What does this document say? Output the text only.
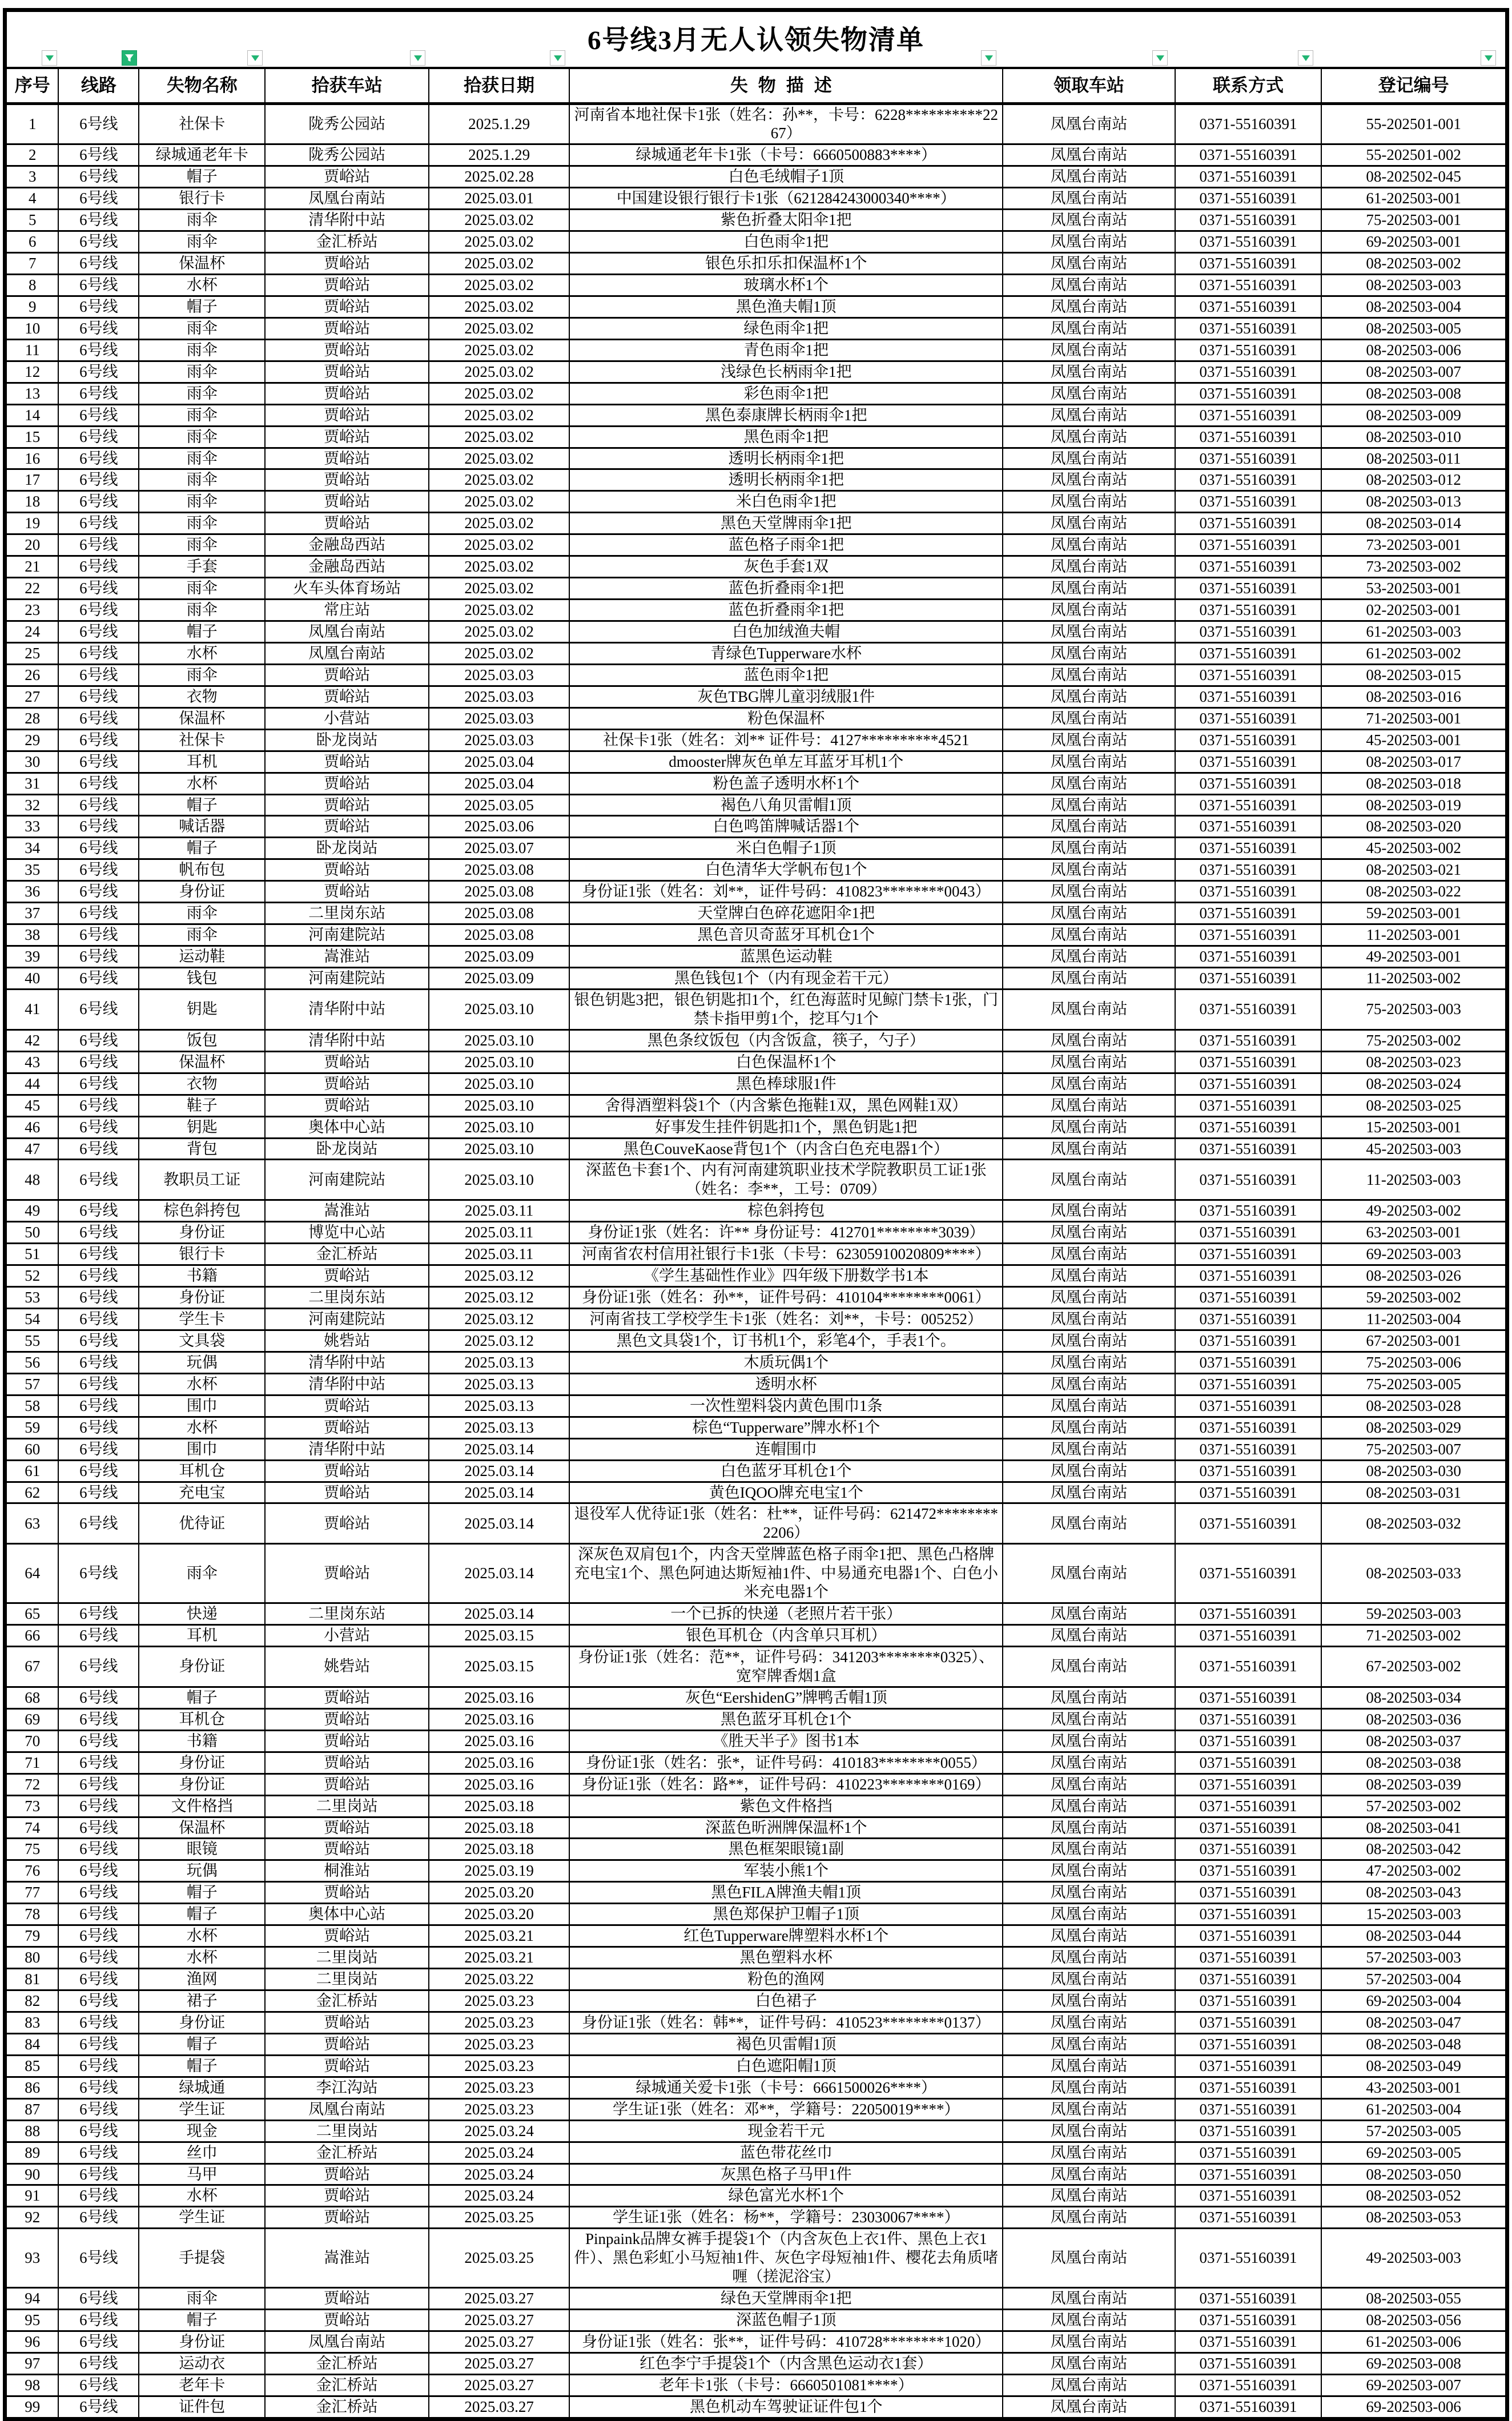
6号线3月无人认领失物清单
序号	线路	失物名称	拾获车站	拾获日期	失物描述	领取车站	联系方式	登记编号
1	6号线	社保卡	陇秀公园站	2025.1.29	河南省本地社保卡1张（姓名：孙**，卡号：6228**********2267）	凤凰台南站	0371-55160391	55-202501-001
2	6号线	绿城通老年卡	陇秀公园站	2025.1.29	绿城通老年卡1张（卡号：6660500883****）	凤凰台南站	0371-55160391	55-202501-002
3	6号线	帽子	贾峪站	2025.02.28	白色毛绒帽子1顶	凤凰台南站	0371-55160391	08-202502-045
4	6号线	银行卡	凤凰台南站	2025.03.01	中国建设银行银行卡1张（621284243000340****）	凤凰台南站	0371-55160391	61-202503-001
5	6号线	雨伞	清华附中站	2025.03.02	紫色折叠太阳伞1把	凤凰台南站	0371-55160391	75-202503-001
6	6号线	雨伞	金汇桥站	2025.03.02	白色雨伞1把	凤凰台南站	0371-55160391	69-202503-001
7	6号线	保温杯	贾峪站	2025.03.02	银色乐扣乐扣保温杯1个	凤凰台南站	0371-55160391	08-202503-002
8	6号线	水杯	贾峪站	2025.03.02	玻璃水杯1个	凤凰台南站	0371-55160391	08-202503-003
9	6号线	帽子	贾峪站	2025.03.02	黑色渔夫帽1顶	凤凰台南站	0371-55160391	08-202503-004
10	6号线	雨伞	贾峪站	2025.03.02	绿色雨伞1把	凤凰台南站	0371-55160391	08-202503-005
11	6号线	雨伞	贾峪站	2025.03.02	青色雨伞1把	凤凰台南站	0371-55160391	08-202503-006
12	6号线	雨伞	贾峪站	2025.03.02	浅绿色长柄雨伞1把	凤凰台南站	0371-55160391	08-202503-007
13	6号线	雨伞	贾峪站	2025.03.02	彩色雨伞1把	凤凰台南站	0371-55160391	08-202503-008
14	6号线	雨伞	贾峪站	2025.03.02	黑色泰康牌长柄雨伞1把	凤凰台南站	0371-55160391	08-202503-009
15	6号线	雨伞	贾峪站	2025.03.02	黑色雨伞1把	凤凰台南站	0371-55160391	08-202503-010
16	6号线	雨伞	贾峪站	2025.03.02	透明长柄雨伞1把	凤凰台南站	0371-55160391	08-202503-011
17	6号线	雨伞	贾峪站	2025.03.02	透明长柄雨伞1把	凤凰台南站	0371-55160391	08-202503-012
18	6号线	雨伞	贾峪站	2025.03.02	米白色雨伞1把	凤凰台南站	0371-55160391	08-202503-013
19	6号线	雨伞	贾峪站	2025.03.02	黑色天堂牌雨伞1把	凤凰台南站	0371-55160391	08-202503-014
20	6号线	雨伞	金融岛西站	2025.03.02	蓝色格子雨伞1把	凤凰台南站	0371-55160391	73-202503-001
21	6号线	手套	金融岛西站	2025.03.02	灰色手套1双	凤凰台南站	0371-55160391	73-202503-002
22	6号线	雨伞	火车头体育场站	2025.03.02	蓝色折叠雨伞1把	凤凰台南站	0371-55160391	53-202503-001
23	6号线	雨伞	常庄站	2025.03.02	蓝色折叠雨伞1把	凤凰台南站	0371-55160391	02-202503-001
24	6号线	帽子	凤凰台南站	2025.03.02	白色加绒渔夫帽	凤凰台南站	0371-55160391	61-202503-003
25	6号线	水杯	凤凰台南站	2025.03.02	青绿色Tupperware水杯	凤凰台南站	0371-55160391	61-202503-002
26	6号线	雨伞	贾峪站	2025.03.03	蓝色雨伞1把	凤凰台南站	0371-55160391	08-202503-015
27	6号线	衣物	贾峪站	2025.03.03	灰色TBG牌儿童羽绒服1件	凤凰台南站	0371-55160391	08-202503-016
28	6号线	保温杯	小营站	2025.03.03	粉色保温杯	凤凰台南站	0371-55160391	71-202503-001
29	6号线	社保卡	卧龙岗站	2025.03.03	社保卡1张（姓名：刘** 证件号：4127**********4521	凤凰台南站	0371-55160391	45-202503-001
30	6号线	耳机	贾峪站	2025.03.04	dmooster牌灰色单左耳蓝牙耳机1个	凤凰台南站	0371-55160391	08-202503-017
31	6号线	水杯	贾峪站	2025.03.04	粉色盖子透明水杯1个	凤凰台南站	0371-55160391	08-202503-018
32	6号线	帽子	贾峪站	2025.03.05	褐色八角贝雷帽1顶	凤凰台南站	0371-55160391	08-202503-019
33	6号线	喊话器	贾峪站	2025.03.06	白色鸣笛牌喊话器1个	凤凰台南站	0371-55160391	08-202503-020
34	6号线	帽子	卧龙岗站	2025.03.07	米白色帽子1顶	凤凰台南站	0371-55160391	45-202503-002
35	6号线	帆布包	贾峪站	2025.03.08	白色清华大学帆布包1个	凤凰台南站	0371-55160391	08-202503-021
36	6号线	身份证	贾峪站	2025.03.08	身份证1张（姓名：刘**，证件号码：410823********0043）	凤凰台南站	0371-55160391	08-202503-022
37	6号线	雨伞	二里岗东站	2025.03.08	天堂牌白色碎花遮阳伞1把	凤凰台南站	0371-55160391	59-202503-001
38	6号线	雨伞	河南建院站	2025.03.08	黑色音贝奇蓝牙耳机仓1个	凤凰台南站	0371-55160391	11-202503-001
39	6号线	运动鞋	嵩淮站	2025.03.09	蓝黑色运动鞋	凤凰台南站	0371-55160391	49-202503-001
40	6号线	钱包	河南建院站	2025.03.09	黑色钱包1个（内有现金若干元）	凤凰台南站	0371-55160391	11-202503-002
41	6号线	钥匙	清华附中站	2025.03.10	银色钥匙3把，银色钥匙扣1个，红色海蓝时见鲸门禁卡1张，门禁卡指甲剪1个，挖耳勺1个	凤凰台南站	0371-55160391	75-202503-003
42	6号线	饭包	清华附中站	2025.03.10	黑色条纹饭包（内含饭盒，筷子，勺子）	凤凰台南站	0371-55160391	75-202503-002
43	6号线	保温杯	贾峪站	2025.03.10	白色保温杯1个	凤凰台南站	0371-55160391	08-202503-023
44	6号线	衣物	贾峪站	2025.03.10	黑色棒球服1件	凤凰台南站	0371-55160391	08-202503-024
45	6号线	鞋子	贾峪站	2025.03.10	舍得酒塑料袋1个（内含紫色拖鞋1双，黑色网鞋1双）	凤凰台南站	0371-55160391	08-202503-025
46	6号线	钥匙	奥体中心站	2025.03.10	好事发生挂件钥匙扣1个，黑色钥匙1把	凤凰台南站	0371-55160391	15-202503-001
47	6号线	背包	卧龙岗站	2025.03.10	黑色CouveKaose背包1个（内含白色充电器1个）	凤凰台南站	0371-55160391	45-202503-003
48	6号线	教职员工证	河南建院站	2025.03.10	深蓝色卡套1个、内有河南建筑职业技术学院教职员工证1张（姓名：李**，工号：0709）	凤凰台南站	0371-55160391	11-202503-003
49	6号线	棕色斜挎包	嵩淮站	2025.03.11	棕色斜挎包	凤凰台南站	0371-55160391	49-202503-002
50	6号线	身份证	博览中心站	2025.03.11	身份证1张（姓名：许** 身份证号：412701********3039）	凤凰台南站	0371-55160391	63-202503-001
51	6号线	银行卡	金汇桥站	2025.03.11	河南省农村信用社银行卡1张（卡号：62305910020809****）	凤凰台南站	0371-55160391	69-202503-003
52	6号线	书籍	贾峪站	2025.03.12	《学生基础性作业》四年级下册数学书1本	凤凰台南站	0371-55160391	08-202503-026
53	6号线	身份证	二里岗东站	2025.03.12	身份证1张（姓名：孙**，证件号码：410104********0061）	凤凰台南站	0371-55160391	59-202503-002
54	6号线	学生卡	河南建院站	2025.03.12	河南省技工学校学生卡1张（姓名：刘**，卡号：005252）	凤凰台南站	0371-55160391	11-202503-004
55	6号线	文具袋	姚砦站	2025.03.12	黑色文具袋1个，订书机1个，彩笔4个，手表1个。	凤凰台南站	0371-55160391	67-202503-001
56	6号线	玩偶	清华附中站	2025.03.13	木质玩偶1个	凤凰台南站	0371-55160391	75-202503-006
57	6号线	水杯	清华附中站	2025.03.13	透明水杯	凤凰台南站	0371-55160391	75-202503-005
58	6号线	围巾	贾峪站	2025.03.13	一次性塑料袋内黄色围巾1条	凤凰台南站	0371-55160391	08-202503-028
59	6号线	水杯	贾峪站	2025.03.13	棕色“Tupperware”牌水杯1个	凤凰台南站	0371-55160391	08-202503-029
60	6号线	围巾	清华附中站	2025.03.14	连帽围巾	凤凰台南站	0371-55160391	75-202503-007
61	6号线	耳机仓	贾峪站	2025.03.14	白色蓝牙耳机仓1个	凤凰台南站	0371-55160391	08-202503-030
62	6号线	充电宝	贾峪站	2025.03.14	黄色IQOO牌充电宝1个	凤凰台南站	0371-55160391	08-202503-031
63	6号线	优待证	贾峪站	2025.03.14	退役军人优待证1张（姓名：杜**，证件号码：621472********2206）	凤凰台南站	0371-55160391	08-202503-032
64	6号线	雨伞	贾峪站	2025.03.14	深灰色双肩包1个，内含天堂牌蓝色格子雨伞1把、黑色凸格牌充电宝1个、黑色阿迪达斯短袖1件、中易通充电器1个、白色小米充电器1个	凤凰台南站	0371-55160391	08-202503-033
65	6号线	快递	二里岗东站	2025.03.14	一个已拆的快递（老照片若干张）	凤凰台南站	0371-55160391	59-202503-003
66	6号线	耳机	小营站	2025.03.15	银色耳机仓（内含单只耳机）	凤凰台南站	0371-55160391	71-202503-002
67	6号线	身份证	姚砦站	2025.03.15	身份证1张（姓名：范**，证件号码：341203********0325）、宽窄牌香烟1盒	凤凰台南站	0371-55160391	67-202503-002
68	6号线	帽子	贾峪站	2025.03.16	灰色“EershidenG”牌鸭舌帽1顶	凤凰台南站	0371-55160391	08-202503-034
69	6号线	耳机仓	贾峪站	2025.03.16	黑色蓝牙耳机仓1个	凤凰台南站	0371-55160391	08-202503-036
70	6号线	书籍	贾峪站	2025.03.16	《胜天半子》图书1本	凤凰台南站	0371-55160391	08-202503-037
71	6号线	身份证	贾峪站	2025.03.16	身份证1张（姓名：张*，证件号码：410183********0055）	凤凰台南站	0371-55160391	08-202503-038
72	6号线	身份证	贾峪站	2025.03.16	身份证1张（姓名：路**，证件号码：410223********0169）	凤凰台南站	0371-55160391	08-202503-039
73	6号线	文件格挡	二里岗站	2025.03.18	紫色文件格挡	凤凰台南站	0371-55160391	57-202503-002
74	6号线	保温杯	贾峪站	2025.03.18	深蓝色昕洲牌保温杯1个	凤凰台南站	0371-55160391	08-202503-041
75	6号线	眼镜	贾峪站	2025.03.18	黑色框架眼镜1副	凤凰台南站	0371-55160391	08-202503-042
76	6号线	玩偶	桐淮站	2025.03.19	军装小熊1个	凤凰台南站	0371-55160391	47-202503-002
77	6号线	帽子	贾峪站	2025.03.20	黑色FILA牌渔夫帽1顶	凤凰台南站	0371-55160391	08-202503-043
78	6号线	帽子	奥体中心站	2025.03.20	黑色郑保护卫帽子1顶	凤凰台南站	0371-55160391	15-202503-003
79	6号线	水杯	贾峪站	2025.03.21	红色Tupperware牌塑料水杯1个	凤凰台南站	0371-55160391	08-202503-044
80	6号线	水杯	二里岗站	2025.03.21	黑色塑料水杯	凤凰台南站	0371-55160391	57-202503-003
81	6号线	渔网	二里岗站	2025.03.22	粉色的渔网	凤凰台南站	0371-55160391	57-202503-004
82	6号线	裙子	金汇桥站	2025.03.23	白色裙子	凤凰台南站	0371-55160391	69-202503-004
83	6号线	身份证	贾峪站	2025.03.23	身份证1张（姓名：韩**，证件号码：410523********0137）	凤凰台南站	0371-55160391	08-202503-047
84	6号线	帽子	贾峪站	2025.03.23	褐色贝雷帽1顶	凤凰台南站	0371-55160391	08-202503-048
85	6号线	帽子	贾峪站	2025.03.23	白色遮阳帽1顶	凤凰台南站	0371-55160391	08-202503-049
86	6号线	绿城通	李江沟站	2025.03.23	绿城通关爱卡1张（卡号：6661500026****）	凤凰台南站	0371-55160391	43-202503-001
87	6号线	学生证	凤凰台南站	2025.03.23	学生证1张（姓名：邓**，学籍号：22050019****）	凤凰台南站	0371-55160391	61-202503-004
88	6号线	现金	二里岗站	2025.03.24	现金若干元	凤凰台南站	0371-55160391	57-202503-005
89	6号线	丝巾	金汇桥站	2025.03.24	蓝色带花丝巾	凤凰台南站	0371-55160391	69-202503-005
90	6号线	马甲	贾峪站	2025.03.24	灰黑色格子马甲1件	凤凰台南站	0371-55160391	08-202503-050
91	6号线	水杯	贾峪站	2025.03.24	绿色富光水杯1个	凤凰台南站	0371-55160391	08-202503-052
92	6号线	学生证	贾峪站	2025.03.25	学生证1张（姓名：杨**，学籍号：23030067****）	凤凰台南站	0371-55160391	08-202503-053
93	6号线	手提袋	嵩淮站	2025.03.25	Pinpaink品牌女裤手提袋1个（内含灰色上衣1件、黑色上衣1件）、黑色彩虹小马短袖1件、灰色字母短袖1件、樱花去角质啫喱（搓泥浴宝）	凤凰台南站	0371-55160391	49-202503-003
94	6号线	雨伞	贾峪站	2025.03.27	绿色天堂牌雨伞1把	凤凰台南站	0371-55160391	08-202503-055
95	6号线	帽子	贾峪站	2025.03.27	深蓝色帽子1顶	凤凰台南站	0371-55160391	08-202503-056
96	6号线	身份证	凤凰台南站	2025.03.27	身份证1张（姓名：张**，证件号码：410728********1020）	凤凰台南站	0371-55160391	61-202503-006
97	6号线	运动衣	金汇桥站	2025.03.27	红色李宁手提袋1个（内含黑色运动衣1套）	凤凰台南站	0371-55160391	69-202503-008
98	6号线	老年卡	金汇桥站	2025.03.27	老年卡1张（卡号：6660501081****）	凤凰台南站	0371-55160391	69-202503-007
99	6号线	证件包	金汇桥站	2025.03.27	黑色机动车驾驶证证件包1个	凤凰台南站	0371-55160391	69-202503-006
